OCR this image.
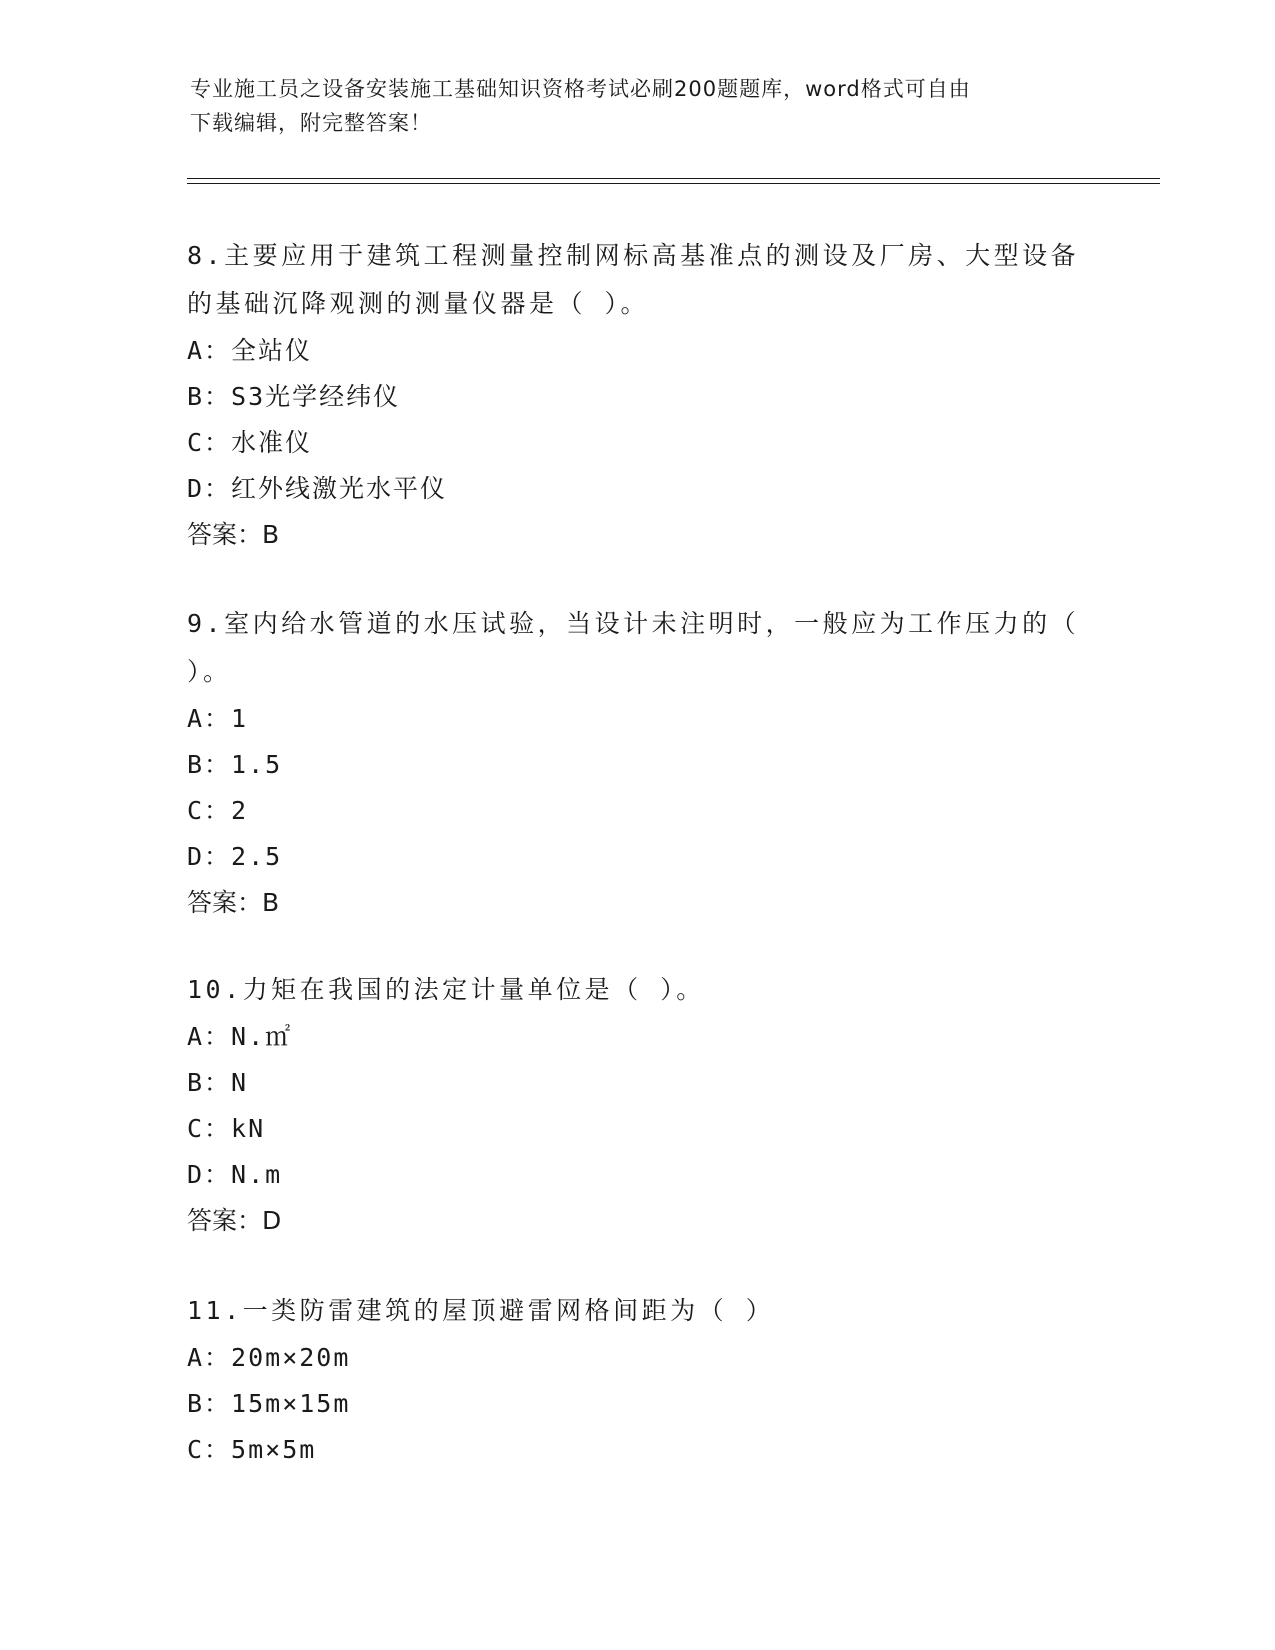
专业施工员之设备安装施工基础知识资格考试必刷200题题库，word格式可自由
下载编辑，附完整答案！

8.主要应用于建筑工程测量控制网标高基准点的测设及厂房、大型设备的基础沉降观测的测量仪器是（ ）。

A：全站仪

B：S3光学经纬仪

C：水准仪

D：红外线激光水平仪

答案：B

9.室内给水管道的水压试验，当设计未注明时，一般应为工作压力的（ ）。

A：1

B：1.5

C：2

D：2.5

答案：B

10.力矩在我国的法定计量单位是（ ）。

A：N.㎡

B：N

C：kN

D：N.m

答案：D

11.一类防雷建筑的屋顶避雷网格间距为（ ）

A：20m×20m

B：15m×15m

C：5m×5m
